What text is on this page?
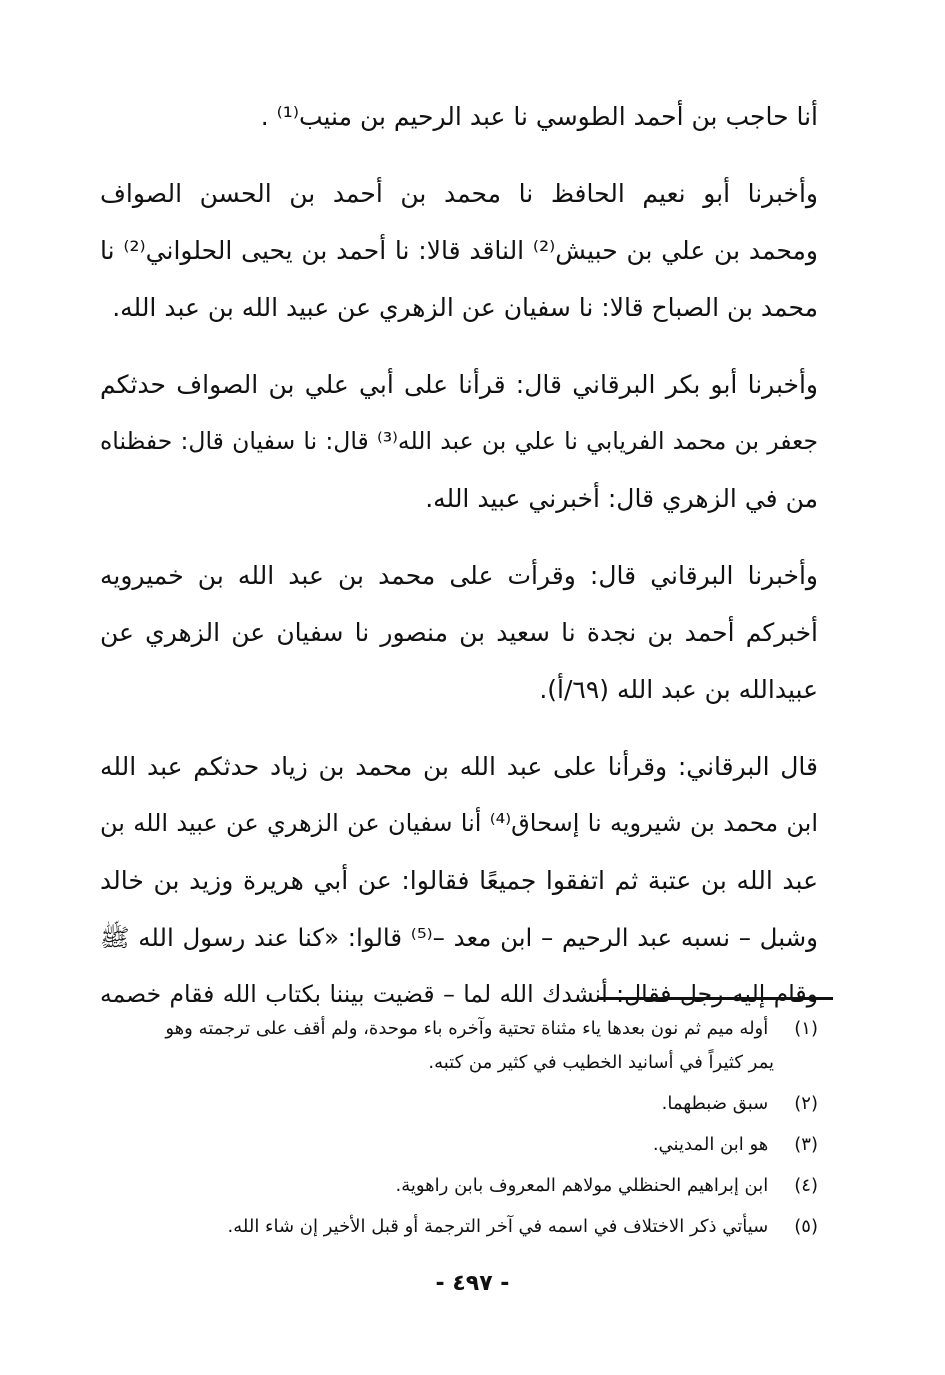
أنا حاجب بن أحمد الطوسي نا عبد الرحيم بن منيب⁽¹⁾ .
وأخبرنا أبو نعيم الحافظ نا محمد بن أحمد بن الحسن الصواف
ومحمد بن علي بن حبيش⁽²⁾ الناقد قالا: نا أحمد بن يحيى الحلواني⁽²⁾ نا
محمد بن الصباح قالا: نا سفيان عن الزهري عن عبيد الله بن عبد الله.
وأخبرنا أبو بكر البرقاني قال: قرأنا على أبي علي بن الصواف حدثكم
جعفر بن محمد الفريابي نا علي بن عبد الله⁽³⁾ قال: نا سفيان قال: حفظناه
من في الزهري قال: أخبرني عبيد الله.
وأخبرنا البرقاني قال: وقرأت على محمد بن عبد الله بن خميرويه
أخبركم أحمد بن نجدة نا سعيد بن منصور نا سفيان عن الزهري عن
عبيدالله بن عبد الله (٦٩/أ).
قال البرقاني: وقرأنا على عبد الله بن محمد بن زياد حدثكم عبد الله
ابن محمد بن شيرويه نا إسحاق⁽⁴⁾ أنا سفيان عن الزهري عن عبيد الله بن
عبد الله بن عتبة ثم اتفقوا جميعًا فقالوا: عن أبي هريرة وزيد بن خالد
وشبل – نسبه عبد الرحيم – ابن معد –⁽⁵⁾ قالوا: «كنا عند رسول الله ﷺ
وقام إليه رجل فقال: أنشدك الله لما – قضيت بيننا بكتاب الله فقام خصمه
(١) أوله ميم ثم نون بعدها ياء مثناة تحتية وآخره باء موحدة، ولم أقف على ترجمته وهو
يمر كثيراً في أسانيد الخطيب في كثير من كتبه.
(٢) سبق ضبطهما.
(٣) هو ابن المديني.
(٤) ابن إبراهيم الحنظلي مولاهم المعروف بابن راهوية.
(٥) سيأتي ذكر الاختلاف في اسمه في آخر الترجمة أو قبل الأخير إن شاء الله.
- ٤٩٧ -
